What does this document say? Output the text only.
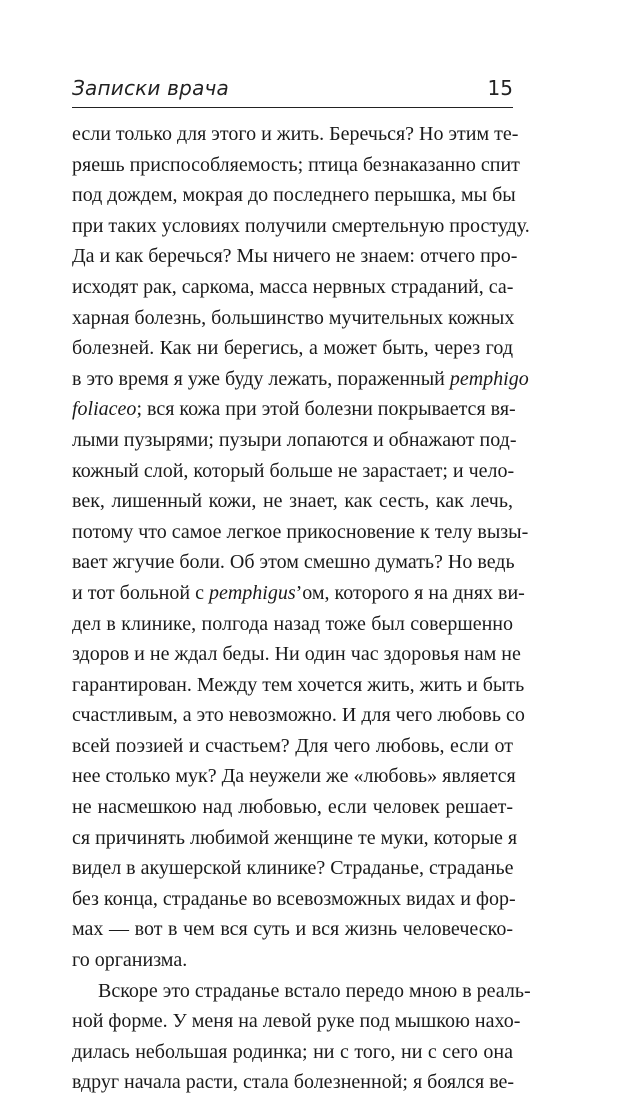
Записки врача	15
если только для этого и жить. Беречься? Но этим те-
ряешь приспособляемость; птица безнаказанно спит
под дождем, мокрая до последнего перышка, мы бы
при таких условиях получили смертельную простуду.
Да и как беречься? Мы ничего не знаем: отчего про-
исходят рак, саркома, масса нервных страданий, са-
харная болезнь, большинство мучительных кожных
болезней. Как ни берегись, а может быть, через год
в это время я уже буду лежать, пораженный pemphigo
foliaceo; вся кожа при этой болезни покрывается вя-
лыми пузырями; пузыри лопаются и обнажают под-
кожный слой, который больше не зарастает; и чело-
век, лишенный кожи, не знает, как сесть, как лечь,
потому что самое легкое прикосновение к телу вызы-
вает жгучие боли. Об этом смешно думать? Но ведь
и тот больной с pemphigus’ом, которого я на днях ви-
дел в клинике, полгода назад тоже был совершенно
здоров и не ждал беды. Ни один час здоровья нам не
гарантирован. Между тем хочется жить, жить и быть
счастливым, а это невозможно. И для чего любовь со
всей поэзией и счастьем? Для чего любовь, если от
нее столько мук? Да неужели же «любовь» является
не насмешкою над любовью, если человек решает-
ся причинять любимой женщине те муки, которые я
видел в акушерской клинике? Страданье, страданье
без конца, страданье во всевозможных видах и фор-
мах — вот в чем вся суть и вся жизнь человеческо-
го организма.
Вскоре это страданье встало передо мною в реаль-
ной форме. У меня на левой руке под мышкою нахо-
дилась небольшая родинка; ни с того, ни с сего она
вдруг начала расти, стала болезненной; я боялся ве-
